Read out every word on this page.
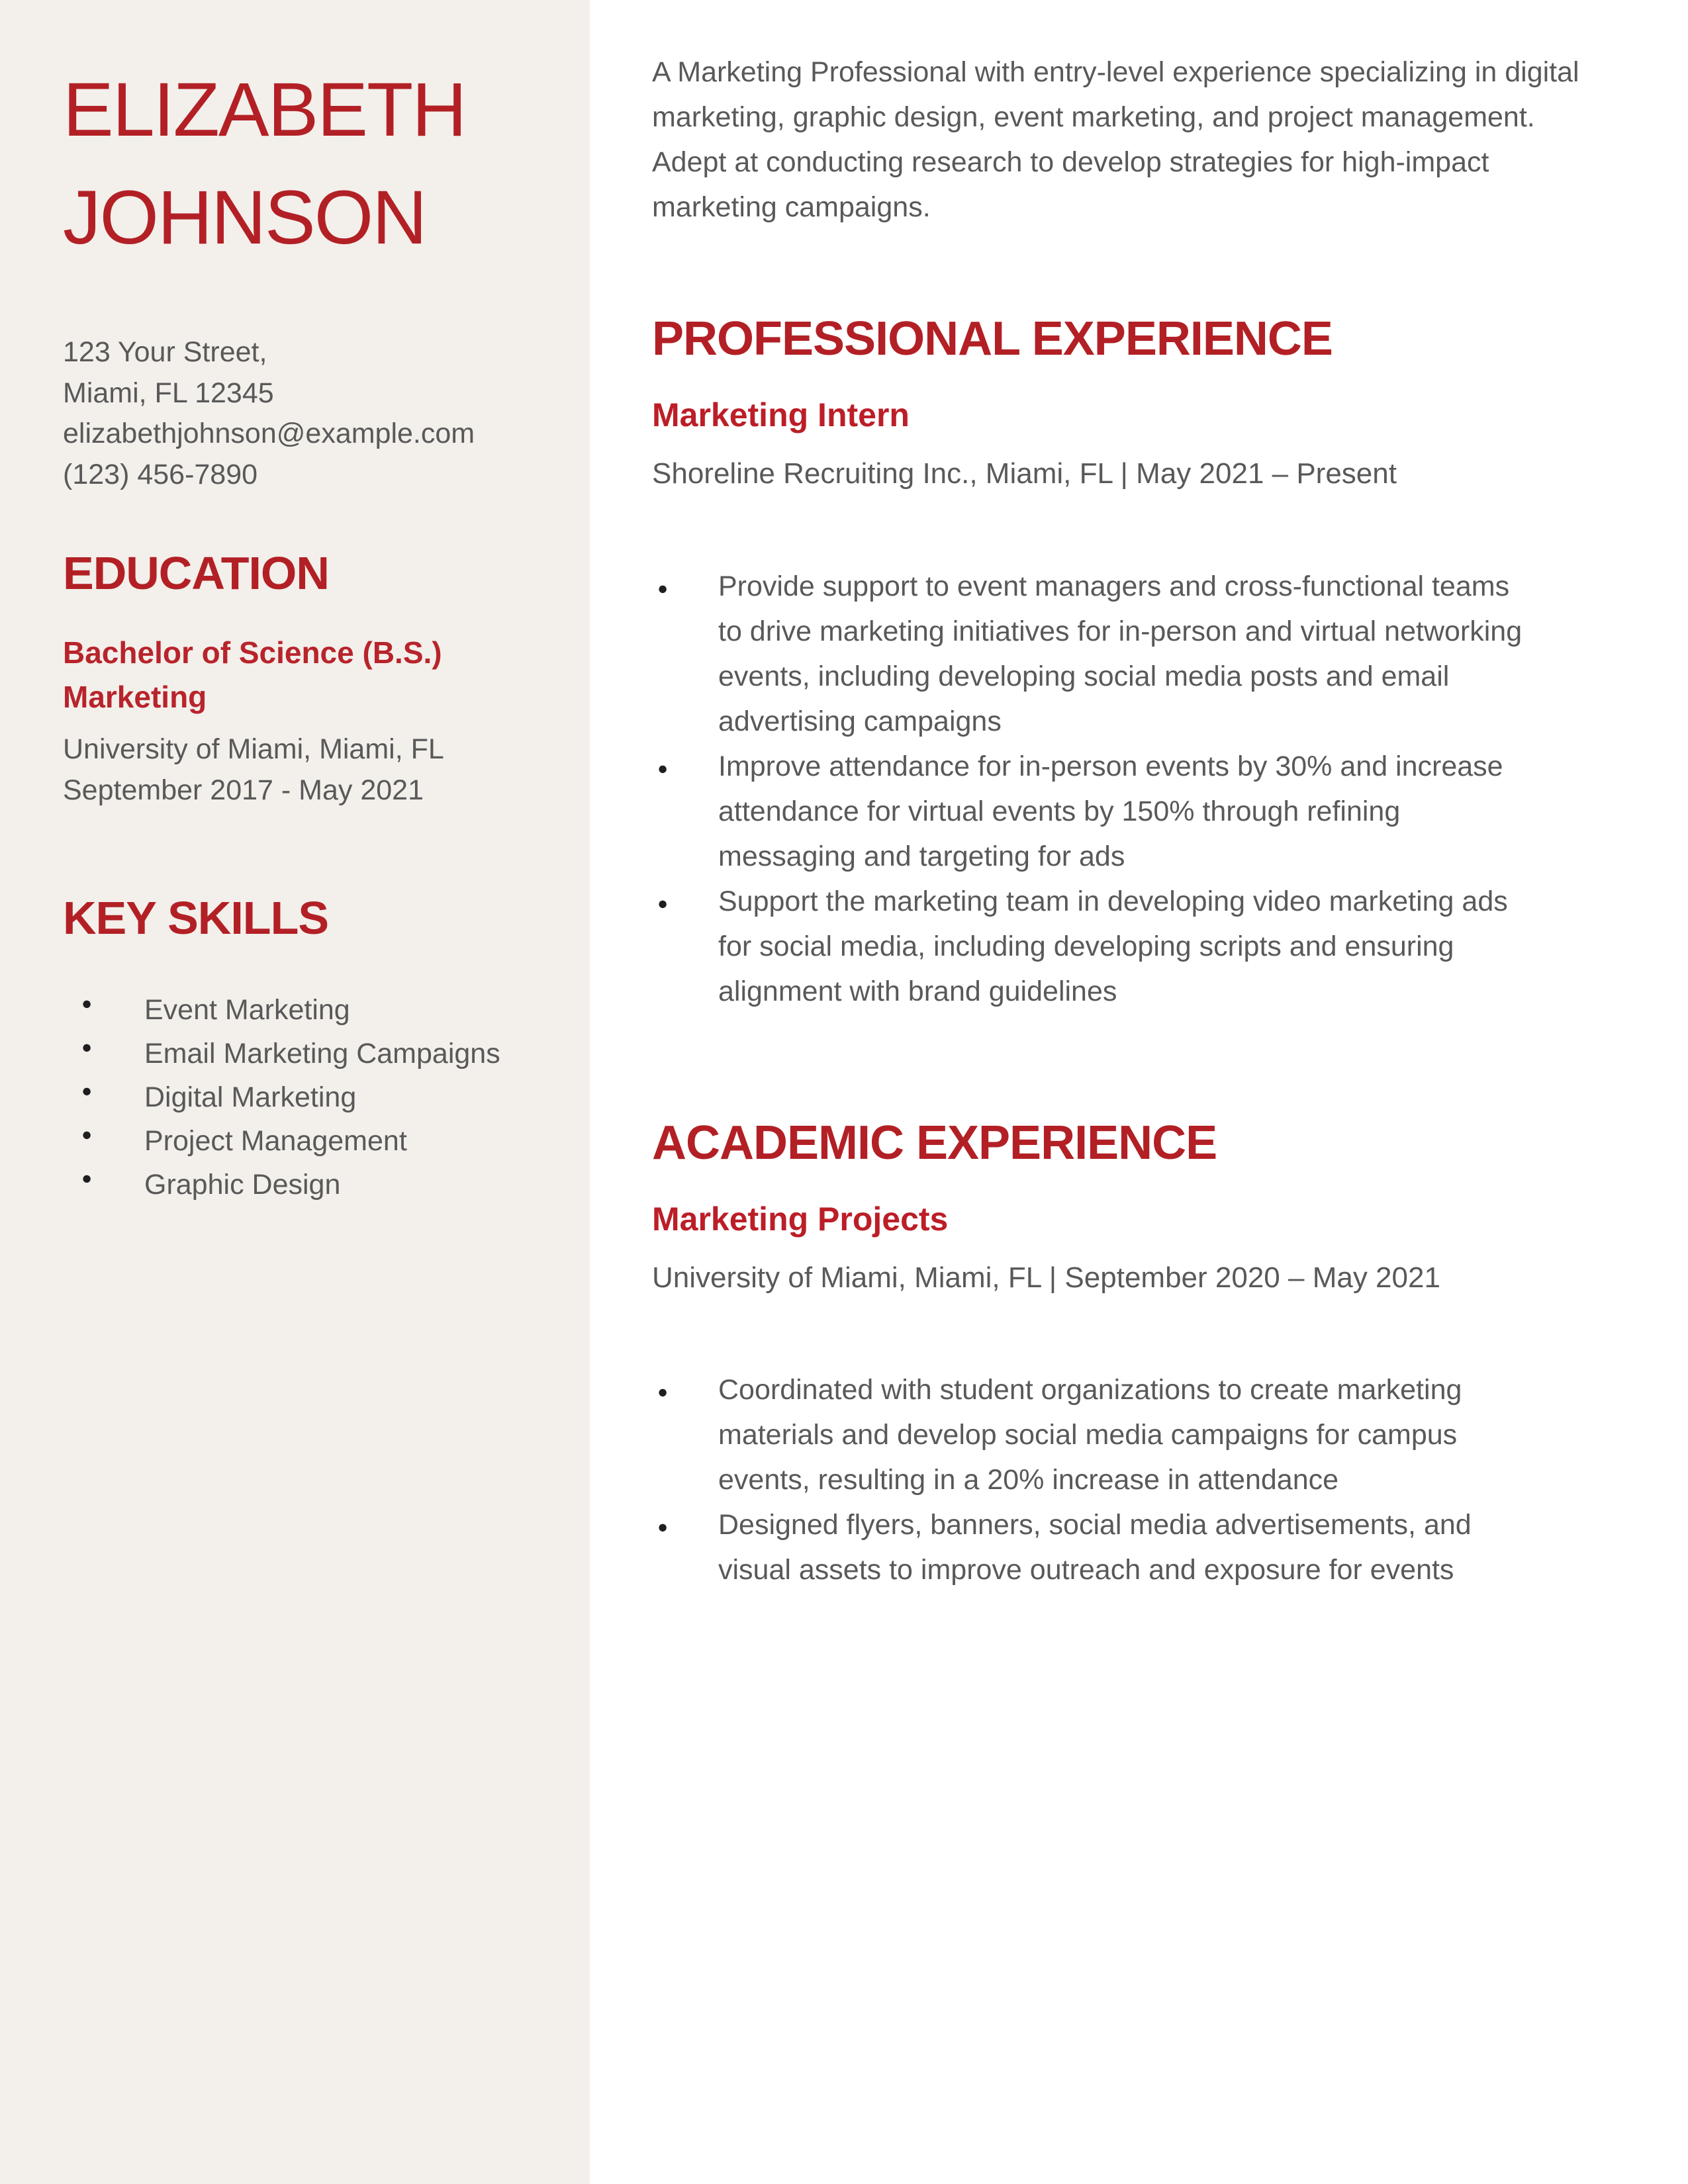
ELIZABETH JOHNSON
123 Your Street,
Miami, FL 12345
elizabethjohnson@example.com
(123) 456-7890
EDUCATION
Bachelor of Science (B.S.) Marketing
University of Miami, Miami, FL
September 2017 - May 2021
KEY SKILLS
● Event Marketing
● Email Marketing Campaigns
● Digital Marketing
● Project Management
● Graphic Design

A Marketing Professional with entry-level experience specializing in digital marketing, graphic design, event marketing, and project management. Adept at conducting research to develop strategies for high-impact marketing campaigns.

PROFESSIONAL EXPERIENCE
Marketing Intern
Shoreline Recruiting Inc., Miami, FL | May 2021 – Present
● Provide support to event managers and cross-functional teams to drive marketing initiatives for in-person and virtual networking events, including developing social media posts and email advertising campaigns
● Improve attendance for in-person events by 30% and increase attendance for virtual events by 150% through refining messaging and targeting for ads
● Support the marketing team in developing video marketing ads for social media, including developing scripts and ensuring alignment with brand guidelines
ACADEMIC EXPERIENCE
Marketing Projects
University of Miami, Miami, FL | September 2020 – May 2021
● Coordinated with student organizations to create marketing materials and develop social media campaigns for campus events, resulting in a 20% increase in attendance
● Designed flyers, banners, social media advertisements, and visual assets to improve outreach and exposure for events
